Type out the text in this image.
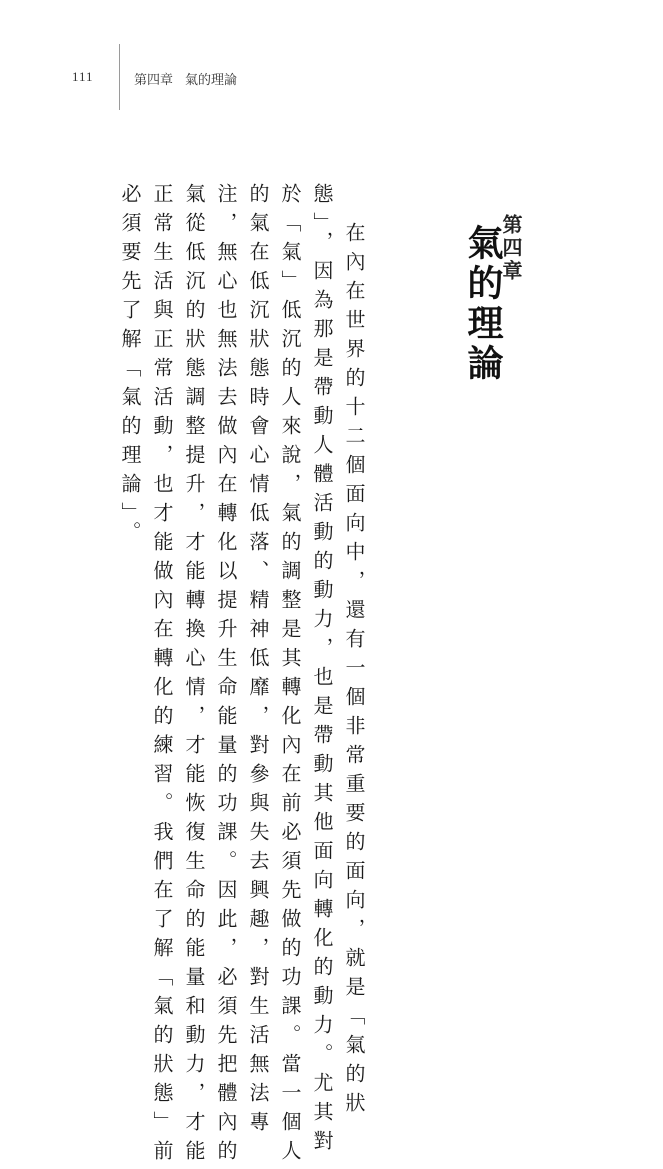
111	第四章 氣的理論
第四章
氣的理論
在內在世界的十二個面向中，還有一個非常重要的面向，就是「氣的狀
態」，因為那是帶動人體活動的動力，也是帶動其他面向轉化的動力。尤其對
於「氣」低沉的人來說，氣的調整是其轉化內在前必須先做的功課。當一個人
的氣在低沉狀態時會心情低落、精神低靡，對參與失去興趣，對生活無法專
注，無心也無法去做內在轉化以提升生命能量的功課。因此，必須先把體內的
氣從低沉的狀態調整提升，才能轉換心情，才能恢復生命的能量和動力，才能
正常生活與正常活動，也才能做內在轉化的練習。我們在了解「氣的狀態」前
必須要先了解「氣的理論」。
